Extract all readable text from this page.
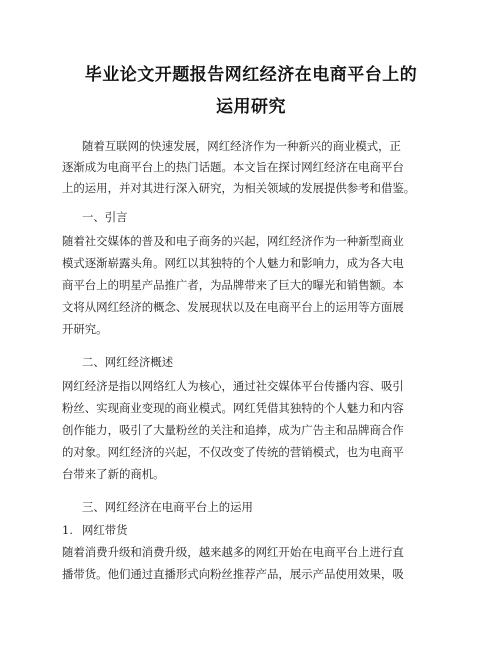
毕业论文开题报告网红经济在电商平台上的
运用研究
随着互联网的快速发展，网红经济作为一种新兴的商业模式，正
逐渐成为电商平台上的热门话题。本文旨在探讨网红经济在电商平台
上的运用，并对其进行深入研究，为相关领域的发展提供参考和借鉴。
一、引言
随着社交媒体的普及和电子商务的兴起，网红经济作为一种新型商业
模式逐渐崭露头角。网红以其独特的个人魅力和影响力，成为各大电
商平台上的明星产品推广者，为品牌带来了巨大的曝光和销售额。本
文将从网红经济的概念、发展现状以及在电商平台上的运用等方面展
开研究。
二、网红经济概述
网红经济是指以网络红人为核心，通过社交媒体平台传播内容、吸引
粉丝、实现商业变现的商业模式。网红凭借其独特的个人魅力和内容
创作能力，吸引了大量粉丝的关注和追捧，成为广告主和品牌商合作
的对象。网红经济的兴起，不仅改变了传统的营销模式，也为电商平
台带来了新的商机。
三、网红经济在电商平台上的运用
1. 网红带货
随着消费升级和消费升级，越来越多的网红开始在电商平台上进行直
播带货。他们通过直播形式向粉丝推荐产品，展示产品使用效果，吸
